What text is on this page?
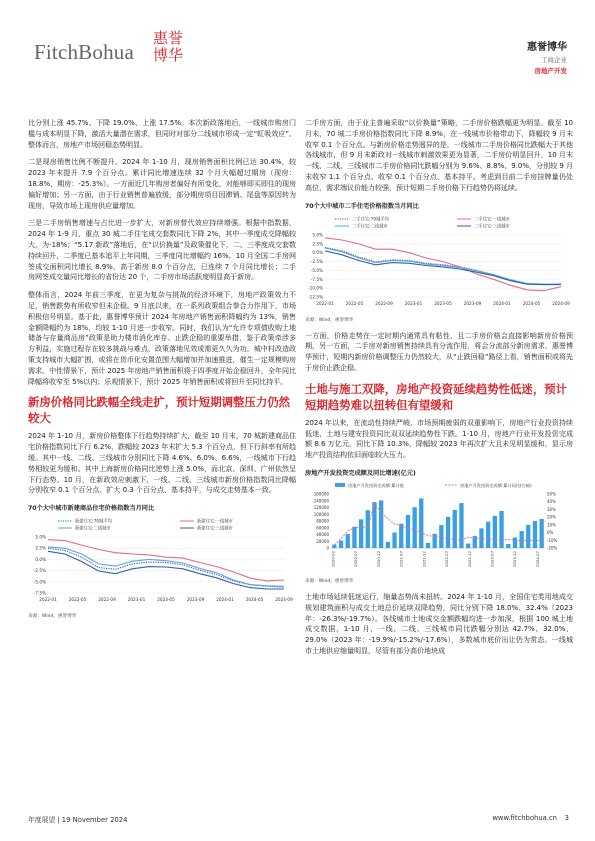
FitchBohua
惠誉博华	惠誉博华
工商企业
房地产开发

比分别上涨 45.7%、下降 19.0%、上涨 17.5%。本次新政落地后，一线城市购房门槛与成本明显下降，激活大量潜在需求，但同时对部分二线城市形成一定“虹吸效应”。整体而言，房地产市场回稳态势明显。

二是现房销售比例不断提升。2024 年 1-10 月，现房销售面积比例已达 30.4%，较 2023 年末提升 7.9 个百分点。累计同比增速连续 32 个月大幅超过期房（现房：18.8%，期房：-25.3%）。一方面近几年购房者偏好有所变化，对能够即买即住的现房偏好增加；另一方面，由于行业销售普遍放缓，部分期房项目因滞销、尾盘等原因转为现房，导致市场上现房供应量增加。

三是二手房销售增速与占比进一步扩大，对新房替代效应持续增强。根据中指数据，2024 年 1-9 月，重点 30 城二手住宅成交套数同比下降 2%，其中一季度成交降幅较大，为-18%；“5.17 新政”落地后，在“以价换量”及政策催化下，二、三季度成交套数持续回升，二季度已基本追平上年同期，三季度同比增幅约 16%。10 月全国二手房网签成交面积同比增长 8.9%，高于新房 8.0 个百分点，已连续 7 个月同比增长；二手房网签成交量同比增长的省份达 20 个，二手房市场活跃度明显高于新房。

整体而言，2024 年前三季度，在更为复杂与挑战的经济环境下，房地产政策效力不足，销售跌势有所收窄但未企稳。9 月底以来，在一系列政策组合拳合力作用下，市场积极信号明显。基于此，惠誉博华预计 2024 年房地产销售面积降幅约为 13%，销售金额降幅约为 18%，均较 1-10 月进一步收窄。同时，我们认为“允许专项债收购土地储备与存量商品房”政策是助力楼市消化库存、止跌企稳的重要举措，鉴于政策牵涉多方利益，实施过程存在较多挑战与难点，政策落地见效或需更久久为功。城中村改造政策支持城市大幅扩围，或将在货币化安置范围大幅增加并加速推进，催生一定规模购房需求。中性情景下，预计 2025 年房地产销售面积将于四季度开始企稳回升，全年同比降幅将收窄至 5%以内；乐观情景下，预计 2025 年销售面积或将回升至同比持平。

新房价格同比跌幅全线走扩，预计短期调整压力仍然较大

2024 年 1-10 月，新房价格整体下行趋势持续扩大，截至 10 月末，70 城新建商品住宅价格指数同比下行 6.2%，跌幅较 2023 年末扩大 5.3 个百分点，但下行斜率有所趋缓。其中一线、二线、三线城市分别同比下降 4.6%、6.0%、6.6%，一线城市下行趋势相较更为缓和。其中上海新房价格同比逆势上涨 5.0%，而北京、深圳、广州依然呈下行态势。10 月，在新政效应刺激下，一线、二线、三线城市新房价格指数同比降幅分别收窄 0.1 个百分点、扩大 0.3 个百分点、基本持平，与成交走势基本一致。

70个大中城市新建商品住宅价格指数当月同比
5.0%
2.5%
0.0%
-2.5%
-5.0%
-7.5%
2022-01	2022-05	2022-09	2023-01	2023-05	2023-09	2024-01	2024-05	2024-09
新建住宅:70城平均	新建住宅:一线城市
新建住宅:二线城市	新建住宅:三线城市
来源：Wind，惠誉博华

二手房方面，由于业主普遍采取“以价换量”策略，二手房价格跌幅更为明显。截至 10 月末，70 城二手房价格指数同比下降 8.9%，在一线城市价格带动下，降幅较 9 月末收窄 0.1 个百分点。与新房价格走势迥异的是，一线城市二手房价格同比跌幅大于其他各线城市，但 9 月末新政对一线城市刺激效果更为显著，二手房价明显回升，10 月末一线、二线、三线城市二手房价格同比跌幅分别为 9.6%、8.8%、9.0%，分别较 9 月末收窄 1.1 个百分点、收窄 0.1 个百分点、基本持平。考虑到目前二手房挂牌量仍处高位，需求端议价能力较强，预计短期二手房价格下行趋势仍将延续。

70个大中城市二手住宅价格指数当月同比
5.0%
2.5%
0.0%
-2.5%
-5.0%
-7.5%
-10.0%
-12.5%
2022-01	2022-05	2022-09	2023-01	2023-05	2023-09	2024-01	2024-05	2024-09
二手住宅:70城平均	二手住宅:一线城市
二手住宅:二线城市	二手住宅:三线城市
来源：Wind，惠誉博华

一方面，价格走势在一定时期内通常具有粘性，且二手房价格会直接影响新房价格预期，另一方面，二手房对新房销售持续具有分流作用，将会分流部分新房需求，惠誉博华预计，短期内新房价格调整压力仍然较大，从“止跌回稳”路径上看，销售面积或将先于房价止跌企稳。

土地与施工双降，房地产投资延续趋势性低迷，预计短期趋势难以扭转但有望缓和

2024 年以来，在流动性持续严峻、市场预期疲弱的双重影响下，房地产行业投资持续低迷，土地与建安投资同比双双延续趋势性下跌。1-10 月，房地产行业开发投资完成额 8.6 万亿元，同比下降 10.3%，降幅较 2023 年再次扩大且未见明显缓和，显示房地产投资结构依旧面临较大压力。

房地产开发投资完成额及同比增速(亿元)
160000
140000
120000
100000
80000
60000
40000
20000
0
50%
40%
30%
20%
10%
0%
-10%
-20%
2020-02	2020-07	2020-12	2021-07	2021-12	2022-07	2022-12	2023-07	2023-12	2024-07
房地产开发投资完成额:累计值	房地产开发投资完成额:累计同比(右轴)
来源：Wind，惠誉博华

土地市场延续低迷运行，缩量态势尚未扭转。2024 年 1-10 月，全国住宅类用地成交规划建筑面积与成交土地总价延续双降趋势，同比分别下降 18.0%、32.4%（2023 年：-26.3%/-19.7%）。各线城市土地成交金额跌幅均进一步加深，根据 100 城土地成交数据，1-10 月，一线、二线、三线城市同比跌幅分别达 42.7%、32.0%、29.0%（2023 年：-19.9%/-15.2%/-17.6%），多数城市底价出让仍为常态。一线城市土地供应缩量明显，尽管有部分高价地块成

年度展望 | 19 November 2024	www.fitchbohua.cn 3
